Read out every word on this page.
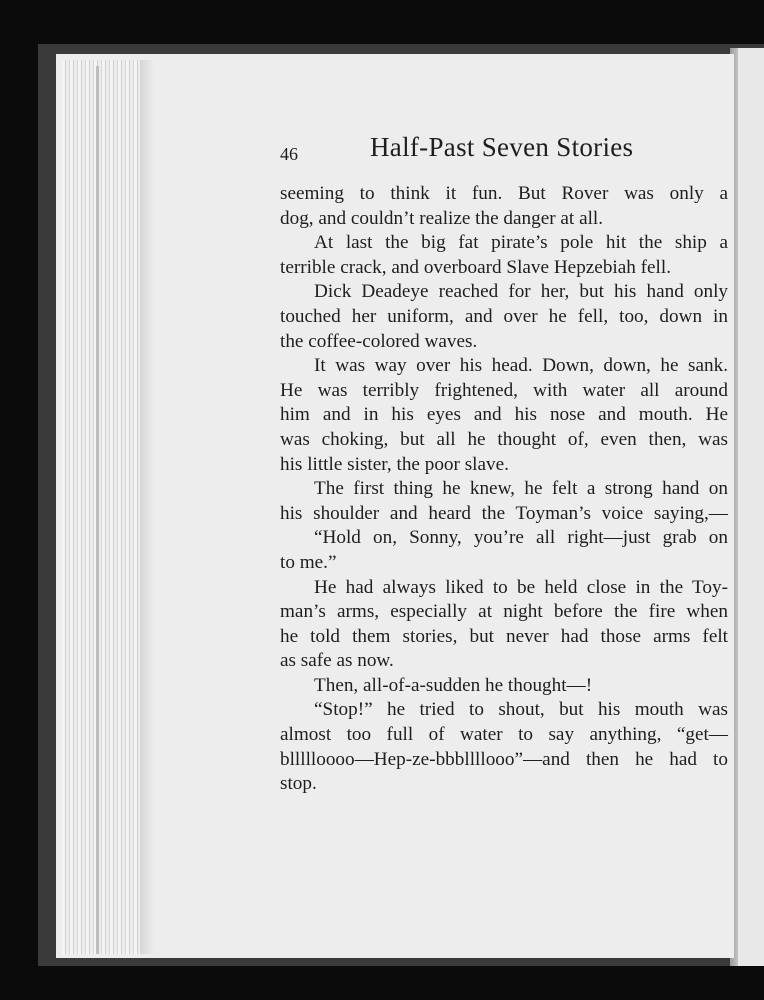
46	Half-Past Seven Stories

seeming to think it fun. But Rover was only a
dog, and couldn’t realize the danger at all.

At last the big fat pirate’s pole hit the ship a
terrible crack, and overboard Slave Hepzebiah fell.

Dick Deadeye reached for her, but his hand only
touched her uniform, and over he fell, too, down in
the coffee-colored waves.

It was way over his head. Down, down, he sank.
He was terribly frightened, with water all around
him and in his eyes and his nose and mouth. He
was choking, but all he thought of, even then, was
his little sister, the poor slave.

The first thing he knew, he felt a strong hand on
his shoulder and heard the Toyman’s voice saying,—

“Hold on, Sonny, you’re all right—just grab on
to me.”

He had always liked to be held close in the Toy-
man’s arms, especially at night before the fire when
he told them stories, but never had those arms felt
as safe as now.

Then, all-of-a-sudden he thought—!

“Stop!” he tried to shout, but his mouth was
almost too full of water to say anything, “get—
bllllloooo—Hep-ze-bbbllllooo”—and then he had to
stop.
